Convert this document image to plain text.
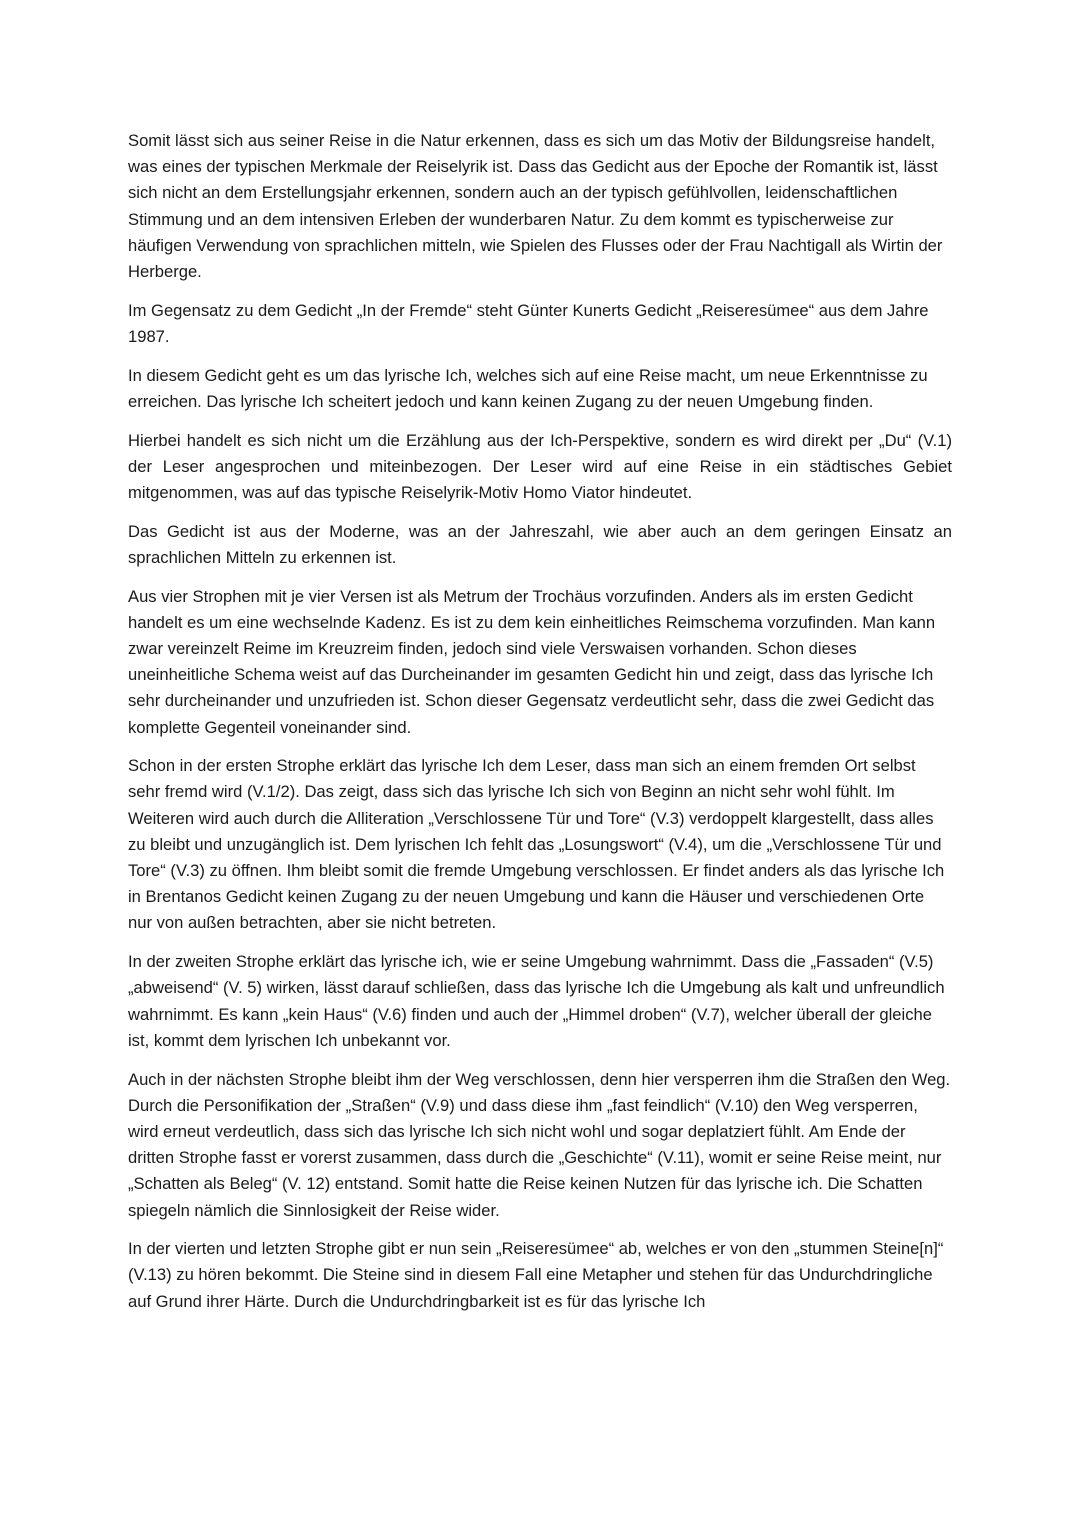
Somit lässt sich aus seiner Reise in die Natur erkennen, dass es sich um das Motiv der Bildungsreise handelt, was eines der typischen Merkmale der Reiselyrik ist. Dass das Gedicht aus der Epoche der Romantik ist, lässt sich nicht an dem Erstellungsjahr erkennen, sondern auch an der typisch gefühlvollen, leidenschaftlichen Stimmung und an dem intensiven Erleben der wunderbaren Natur. Zu dem kommt es typischerweise zur häufigen Verwendung von sprachlichen mitteln, wie Spielen des Flusses oder der Frau Nachtigall als Wirtin der Herberge.

Im Gegensatz zu dem Gedicht „In der Fremde“ steht Günter Kunerts Gedicht „Reiseresümee“ aus dem Jahre 1987.

In diesem Gedicht geht es um das lyrische Ich, welches sich auf eine Reise macht, um neue Erkenntnisse zu erreichen. Das lyrische Ich scheitert jedoch und kann keinen Zugang zu der neuen Umgebung finden.

Hierbei handelt es sich nicht um die Erzählung aus der Ich-Perspektive, sondern es wird direkt per „Du“ (V.1) der Leser angesprochen und miteinbezogen. Der Leser wird auf eine Reise in ein städtisches Gebiet mitgenommen, was auf das typische Reiselyrik-Motiv Homo Viator hindeutet.

Das Gedicht ist aus der Moderne, was an der Jahreszahl, wie aber auch an dem geringen Einsatz an sprachlichen Mitteln zu erkennen ist.

Aus vier Strophen mit je vier Versen ist als Metrum der Trochäus vorzufinden. Anders als im ersten Gedicht handelt es um eine wechselnde Kadenz. Es ist zu dem kein einheitliches Reimschema vorzufinden. Man kann zwar vereinzelt Reime im Kreuzreim finden, jedoch sind viele Verswaisen vorhanden. Schon dieses uneinheitliche Schema weist auf das Durcheinander im gesamten Gedicht hin und zeigt, dass das lyrische Ich sehr durcheinander und unzufrieden ist. Schon dieser Gegensatz verdeutlicht sehr, dass die zwei Gedicht das komplette Gegenteil voneinander sind.

Schon in der ersten Strophe erklärt das lyrische Ich dem Leser, dass man sich an einem fremden Ort selbst sehr fremd wird (V.1/2). Das zeigt, dass sich das lyrische Ich sich von Beginn an nicht sehr wohl fühlt. Im Weiteren wird auch durch die Alliteration „Verschlossene Tür und Tore“ (V.3) verdoppelt klargestellt, dass alles zu bleibt und unzugänglich ist. Dem lyrischen Ich fehlt das „Losungswort“ (V.4), um die „Verschlossene Tür und Tore“ (V.3) zu öffnen. Ihm bleibt somit die fremde Umgebung verschlossen. Er findet anders als das lyrische Ich in Brentanos Gedicht keinen Zugang zu der neuen Umgebung und kann die Häuser und verschiedenen Orte nur von außen betrachten, aber sie nicht betreten.

In der zweiten Strophe erklärt das lyrische ich, wie er seine Umgebung wahrnimmt. Dass die „Fassaden“ (V.5) „abweisend“ (V. 5) wirken, lässt darauf schließen, dass das lyrische Ich die Umgebung als kalt und unfreundlich wahrnimmt. Es kann „kein Haus“ (V.6) finden und auch der „Himmel droben“ (V.7), welcher überall der gleiche ist, kommt dem lyrischen Ich unbekannt vor.

Auch in der nächsten Strophe bleibt ihm der Weg verschlossen, denn hier versperren ihm die Straßen den Weg. Durch die Personifikation der „Straßen“ (V.9) und dass diese ihm „fast feindlich“ (V.10) den Weg versperren, wird erneut verdeutlich, dass sich das lyrische Ich sich nicht wohl und sogar deplatziert fühlt. Am Ende der dritten Strophe fasst er vorerst zusammen, dass durch die „Geschichte“ (V.11), womit er seine Reise meint, nur „Schatten als Beleg“ (V. 12) entstand. Somit hatte die Reise keinen Nutzen für das lyrische ich. Die Schatten spiegeln nämlich die Sinnlosigkeit der Reise wider.

In der vierten und letzten Strophe gibt er nun sein „Reiseresümee“ ab, welches er von den „stummen Steine[n]“ (V.13) zu hören bekommt. Die Steine sind in diesem Fall eine Metapher und stehen für das Undurchdringliche auf Grund ihrer Härte. Durch die Undurchdringbarkeit ist es für das lyrische Ich
